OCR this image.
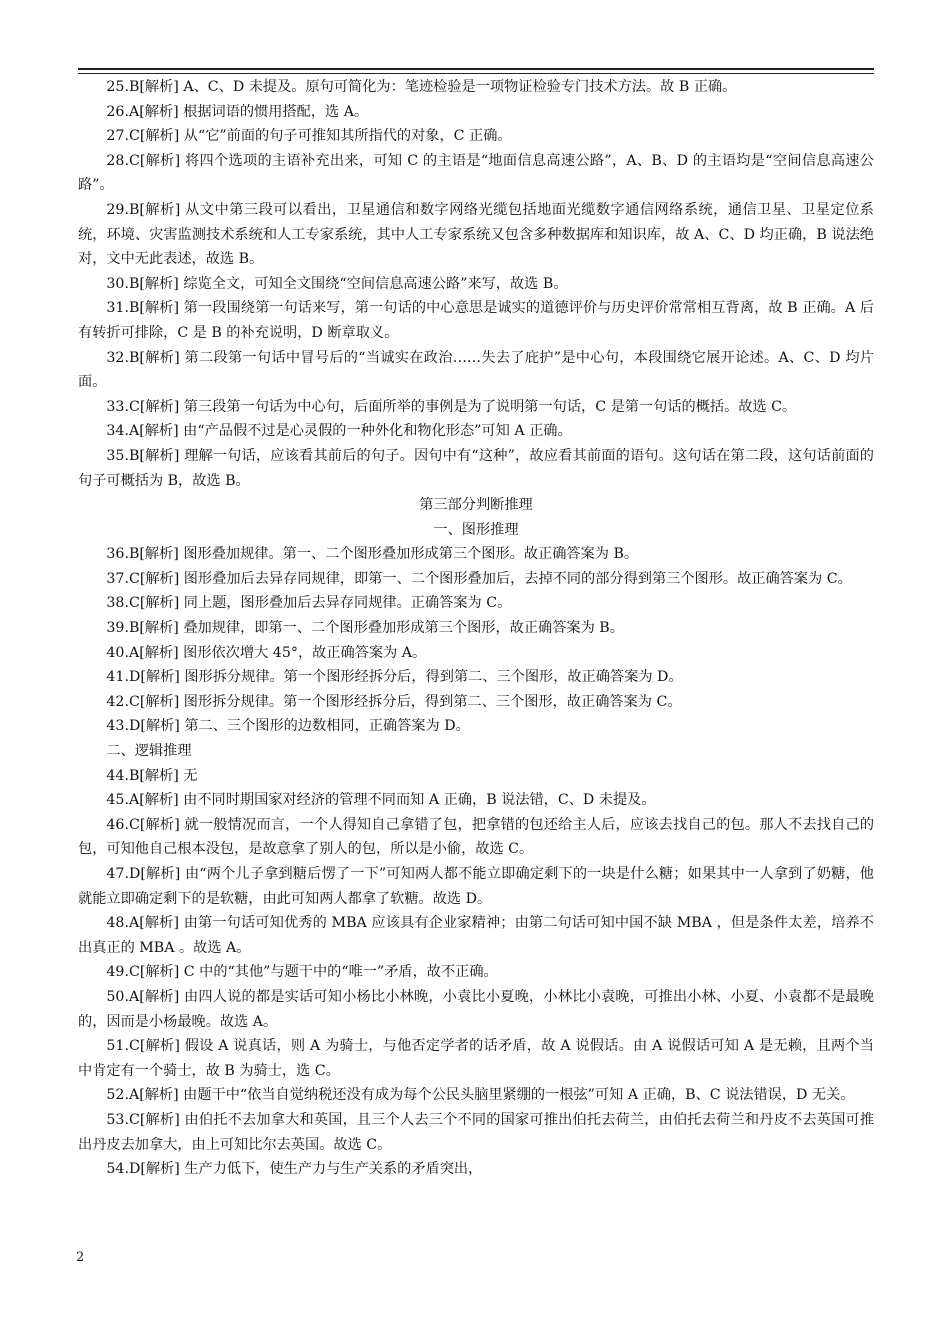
25.B[解析] A、C、D 未提及。原句可简化为：笔迹检验是一项物证检验专门技术方法。故 B 正确。

26.A[解析] 根据词语的惯用搭配，选 A。

27.C[解析] 从“它”前面的句子可推知其所指代的对象，C 正确。

28.C[解析] 将四个选项的主语补充出来，可知 C 的主语是“地面信息高速公路”，A、B、D 的主语均是“空间信息高速公路”。

29.B[解析] 从文中第三段可以看出，卫星通信和数字网络光缆包括地面光缆数字通信网络系统，通信卫星、卫星定位系统，环境、灾害监测技术系统和人工专家系统，其中人工专家系统又包含多种数据库和知识库，故 A、C、D 均正确，B 说法绝对，文中无此表述，故选 B。

30.B[解析] 综览全文，可知全文围绕“空间信息高速公路”来写，故选 B。

31.B[解析] 第一段围绕第一句话来写，第一句话的中心意思是诚实的道德评价与历史评价常常相互背离，故 B 正确。A 后有转折可排除，C 是 B 的补充说明，D 断章取义。

32.B[解析] 第二段第一句话中冒号后的“当诚实在政治……失去了庇护”是中心句，本段围绕它展开论述。A、C、D 均片面。

33.C[解析] 第三段第一句话为中心句，后面所举的事例是为了说明第一句话，C 是第一句话的概括。故选 C。

34.A[解析] 由“产品假不过是心灵假的一种外化和物化形态”可知 A 正确。

35.B[解析] 理解一句话，应该看其前后的句子。因句中有“这种”，故应看其前面的语句。这句话在第二段，这句话前面的句子可概括为 B，故选 B。

第三部分判断推理
一、图形推理

36.B[解析] 图形叠加规律。第一、二个图形叠加形成第三个图形。故正确答案为 B。

37.C[解析] 图形叠加后去异存同规律，即第一、二个图形叠加后，去掉不同的部分得到第三个图形。故正确答案为 C。

38.C[解析] 同上题，图形叠加后去异存同规律。正确答案为 C。

39.B[解析] 叠加规律，即第一、二个图形叠加形成第三个图形，故正确答案为 B。

40.A[解析] 图形依次增大 45°，故正确答案为 A。

41.D[解析] 图形拆分规律。第一个图形经拆分后，得到第二、三个图形，故正确答案为 D。

42.C[解析] 图形拆分规律。第一个图形经拆分后，得到第二、三个图形，故正确答案为 C。

43.D[解析] 第二、三个图形的边数相同，正确答案为 D。

二、逻辑推理

44.B[解析] 无

45.A[解析] 由不同时期国家对经济的管理不同而知 A 正确，B 说法错，C、D 未提及。

46.C[解析] 就一般情况而言，一个人得知自己拿错了包，把拿错的包还给主人后，应该去找自己的包。那人不去找自己的包，可知他自己根本没包，是故意拿了别人的包，所以是小偷，故选 C。

47.D[解析] 由“两个儿子拿到糖后愣了一下”可知两人都不能立即确定剩下的一块是什么糖；如果其中一人拿到了奶糖，他就能立即确定剩下的是软糖，由此可知两人都拿了软糖。故选 D。

48.A[解析] 由第一句话可知优秀的 MBA 应该具有企业家精神；由第二句话可知中国不缺 MBA ，但是条件太差，培养不出真正的 MBA 。故选 A。

49.C[解析] C 中的“其他”与题干中的“唯一”矛盾，故不正确。

50.A[解析] 由四人说的都是实话可知小杨比小林晚，小袁比小夏晚，小林比小袁晚，可推出小林、小夏、小袁都不是最晚的，因而是小杨最晚。故选 A。

51.C[解析] 假设 A 说真话，则 A 为骑士，与他否定学者的话矛盾，故 A 说假话。由 A 说假话可知 A 是无赖，且两个当中肯定有一个骑士，故 B 为骑士，选 C。

52.A[解析] 由题干中“依当自觉纳税还没有成为每个公民头脑里紧绷的一根弦”可知 A 正确，B、C 说法错误，D 无关。

53.C[解析] 由伯托不去加拿大和英国，且三个人去三个不同的国家可推出伯托去荷兰，由伯托去荷兰和丹皮不去英国可推出丹皮去加拿大，由上可知比尔去英国。故选 C。

54.D[解析] 生产力低下，使生产力与生产关系的矛盾突出，

2
